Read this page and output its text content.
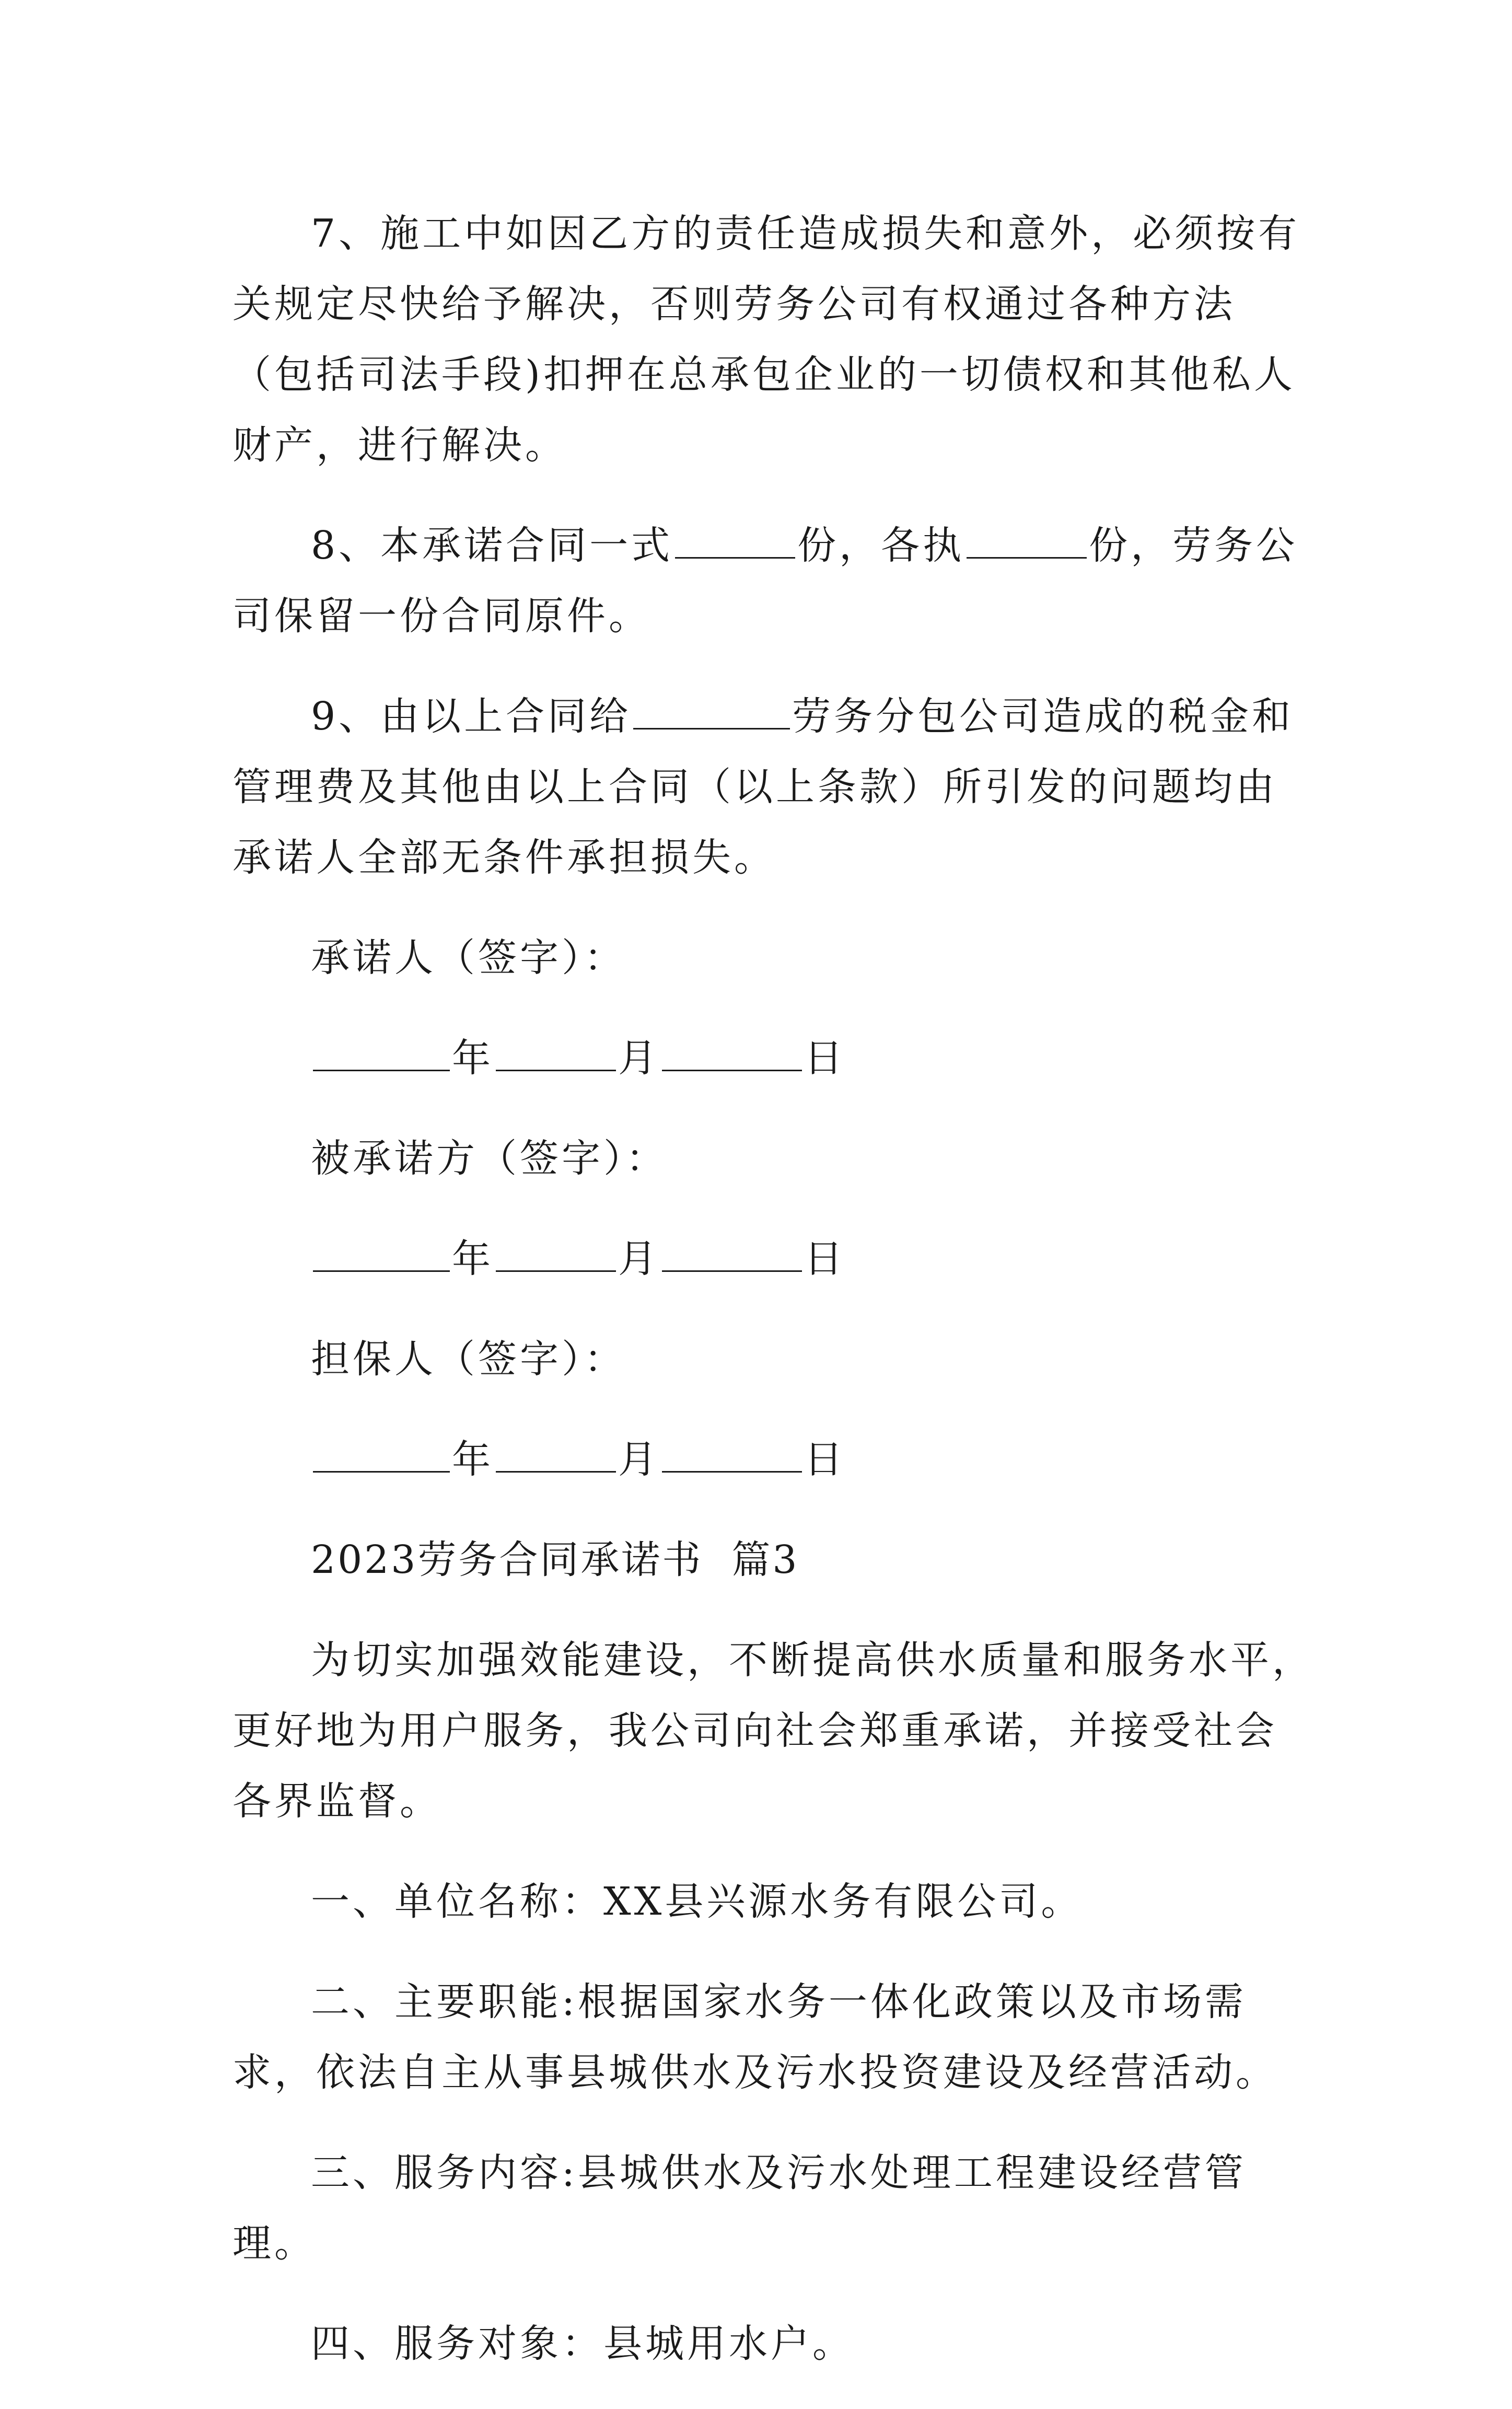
7、施工中如因乙方的责任造成损失和意外，必须按有关规定尽快给予解决，否则劳务公司有权通过各种方法（包括司法手段)扣押在总承包企业的一切债权和其他私人财产，进行解决。

8、本承诺合同一式	份，各执	份，劳务公司保留一份合同原件。

9、由以上合同给	劳务分包公司造成的税金和管理费及其他由以上合同（以上条款）所引发的问题均由承诺人全部无条件承担损失。

承诺人（签字）：
年	月	日
被承诺方（签字）：
年	月	日
担保人（签字）：
年	月	日
2023劳务合同承诺书  篇3

为切实加强效能建设，不断提高供水质量和服务水平，更好地为用户服务，我公司向社会郑重承诺，并接受社会各界监督。

一、单位名称：XX县兴源水务有限公司。

二、主要职能:根据国家水务一体化政策以及市场需求，依法自主从事县城供水及污水投资建设及经营活动。

三、服务内容:县城供水及污水处理工程建设经营管理。

四、服务对象：县城用水户。
